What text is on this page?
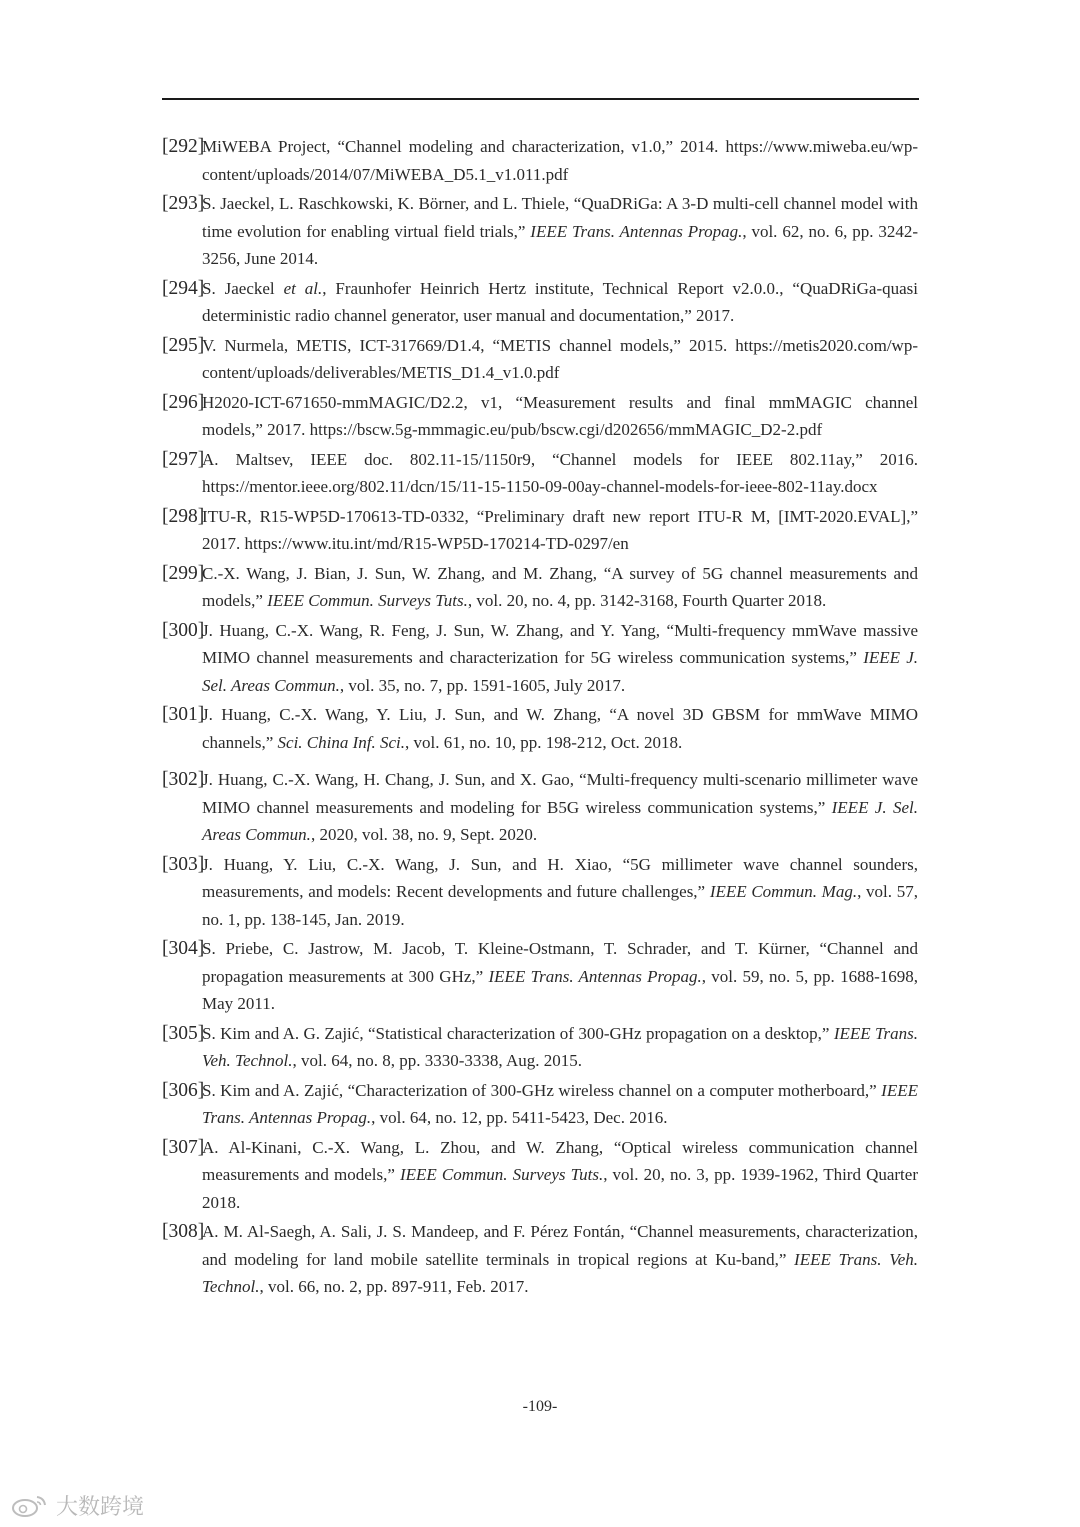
[292]
MiWEBA Project, “Channel modeling and characterization, v1.0,” 2014. https://www.miweba.eu/wp-content/uploads/2014/07/MiWEBA_D5.1_v1.011.pdf
[293]
S. Jaeckel, L. Raschkowski, K. Börner, and L. Thiele, “QuaDRiGa: A 3-D multi-cell channel model with time evolution for enabling virtual field trials,” IEEE Trans. Antennas Propag., vol. 62, no. 6, pp. 3242-3256, June 2014.
[294]
S. Jaeckel et al., Fraunhofer Heinrich Hertz institute, Technical Report v2.0.0., “QuaDRiGa-quasi deterministic radio channel generator, user manual and documentation,” 2017.
[295]
V. Nurmela, METIS, ICT-317669/D1.4, “METIS channel models,” 2015. https://metis2020.com/wp-content/uploads/deliverables/METIS_D1.4_v1.0.pdf
[296]
H2020-ICT-671650-mmMAGIC/D2.2, v1, “Measurement results and final mmMAGIC channel models,” 2017. https://bscw.5g-mmmagic.eu/pub/bscw.cgi/d202656/mmMAGIC_D2-2.pdf
[297]
A. Maltsev, IEEE doc. 802.11-15/1150r9, “Channel models for IEEE 802.11ay,” 2016. https://mentor.ieee.org/802.11/dcn/15/11-15-1150-09-00ay-channel-models-for-ieee-802-11ay.docx
[298]
ITU-R, R15-WP5D-170613-TD-0332, “Preliminary draft new report ITU-R M, [IMT-2020.EVAL],” 2017. https://www.itu.int/md/R15-WP5D-170214-TD-0297/en
[299]
C.-X. Wang, J. Bian, J. Sun, W. Zhang, and M. Zhang, “A survey of 5G channel measurements and models,” IEEE Commun. Surveys Tuts., vol. 20, no. 4, pp. 3142-3168, Fourth Quarter 2018.
[300]
J. Huang, C.-X. Wang, R. Feng, J. Sun, W. Zhang, and Y. Yang, “Multi-frequency mmWave massive MIMO channel measurements and characterization for 5G wireless communication systems,” IEEE J. Sel. Areas Commun., vol. 35, no. 7, pp. 1591-1605, July 2017.
[301]
J. Huang, C.-X. Wang, Y. Liu, J. Sun, and W. Zhang, “A novel 3D GBSM for mmWave MIMO channels,” Sci. China Inf. Sci., vol. 61, no. 10, pp. 198-212, Oct. 2018.
[302]
J. Huang, C.-X. Wang, H. Chang, J. Sun, and X. Gao, “Multi-frequency multi-scenario millimeter wave MIMO channel measurements and modeling for B5G wireless communication systems,” IEEE J. Sel. Areas Commun., 2020, vol. 38, no. 9, Sept. 2020.
[303]
J. Huang, Y. Liu, C.-X. Wang, J. Sun, and H. Xiao, “5G millimeter wave channel sounders, measurements, and models: Recent developments and future challenges,” IEEE Commun. Mag., vol. 57, no. 1, pp. 138-145, Jan. 2019.
[304]
S. Priebe, C. Jastrow, M. Jacob, T. Kleine-Ostmann, T. Schrader, and T. Kürner, “Channel and propagation measurements at 300 GHz,” IEEE Trans. Antennas Propag., vol. 59, no. 5, pp. 1688-1698, May 2011.
[305]
S. Kim and A. G. Zajić, “Statistical characterization of 300-GHz propagation on a desktop,” IEEE Trans. Veh. Technol., vol. 64, no. 8, pp. 3330-3338, Aug. 2015.
[306]
S. Kim and A. Zajić, “Characterization of 300-GHz wireless channel on a computer motherboard,” IEEE Trans. Antennas Propag., vol. 64, no. 12, pp. 5411-5423, Dec. 2016.
[307]
A. Al-Kinani, C.-X. Wang, L. Zhou, and W. Zhang, “Optical wireless communication channel measurements and models,” IEEE Commun. Surveys Tuts., vol. 20, no. 3, pp. 1939-1962, Third Quarter 2018.
[308]
A. M. Al-Saegh, A. Sali, J. S. Mandeep, and F. Pérez Fontán, “Channel measurements, characterization, and modeling for land mobile satellite terminals in tropical regions at Ku-band,” IEEE Trans. Veh. Technol., vol. 66, no. 2, pp. 897-911, Feb. 2017.
-109-
大数跨境
